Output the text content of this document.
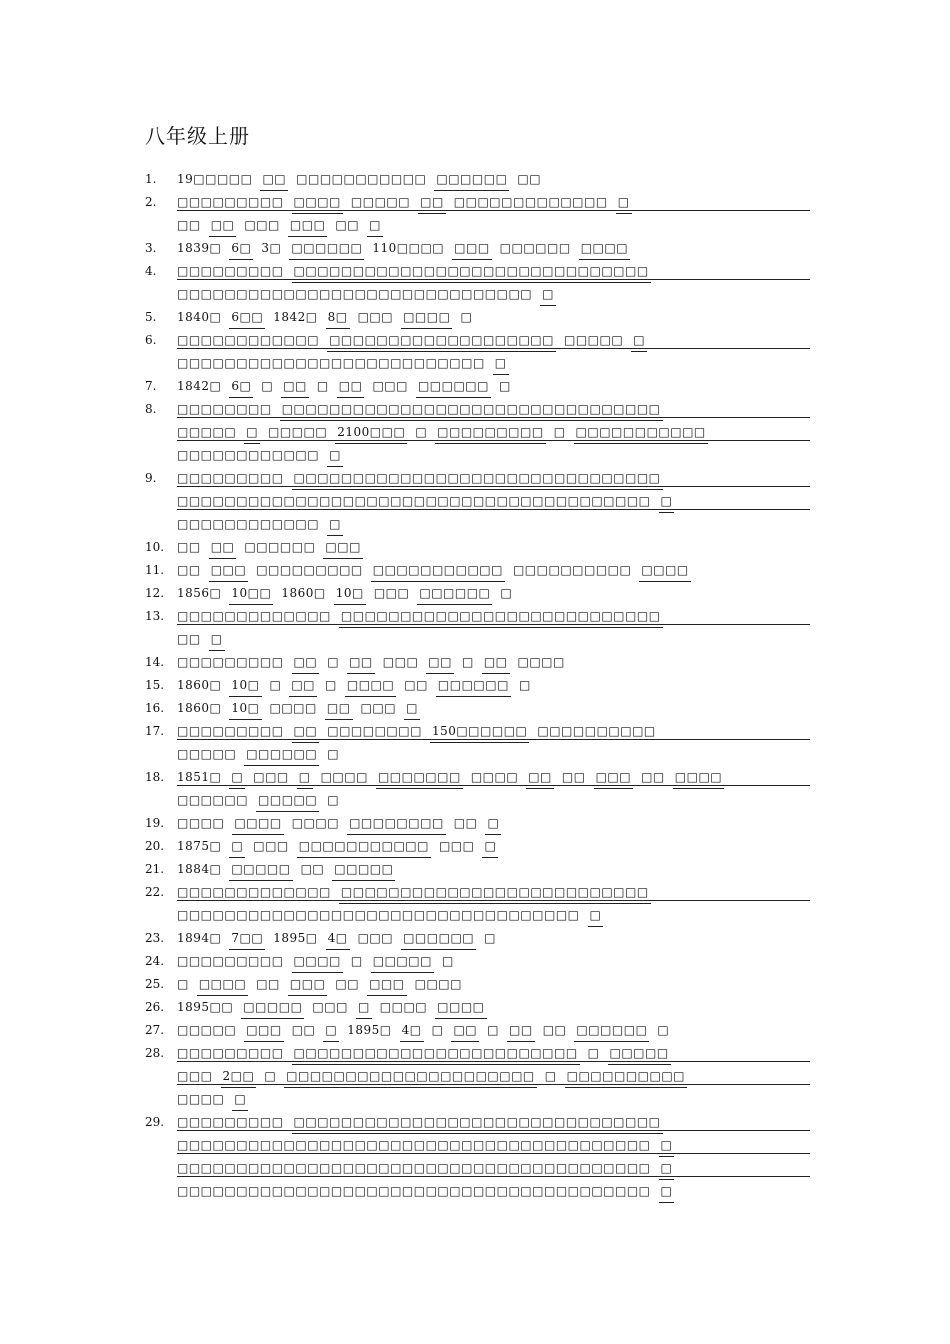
八年级上册
1.	19□□□□□ □□ □□□□□□□□□□□ □□□□□□ □□
2.	□□□□□□□□□ □□□□ □□□□□ □□ □□□□□□□□□□□□□ □
□□ □□ □□□ □□□ □□ □
3.	1839□ 6□ 3□ □□□□□□ 110□□□□ □□□ □□□□□□ □□□□
4.	□□□□□□□□□ □□□□□□□□□□□□□□□□□□□□□□□□□□□□□□
□□□□□□□□□□□□□□□□□□□□□□□□□□□□□□ □
5.	1840□ 6□□ 1842□ 8□ □□□ □□□□ □
6.	□□□□□□□□□□□□ □□□□□□□□□□□□□□□□□□□ □□□□□ □
□□□□□□□□□□□□□□□□□□□□□□□□□□ □
7.	1842□ 6□ □ □□ □ □□ □□□ □□□□□□ □
8.	□□□□□□□□ □□□□□□□□□□□□□□□□□□□□□□□□□□□□□□□□
□□□□□ □ □□□□□ 2100□□□ □ □□□□□□□□□ □ □□□□□□□□□□□
□□□□□□□□□□□□ □
9.	□□□□□□□□□ □□□□□□□□□□□□□□□□□□□□□□□□□□□□□□□
□□□□□□□□□□□□□□□□□□□□□□□□□□□□□□□□□□□□□□□□ □
□□□□□□□□□□□□ □
10.	□□ □□ □□□□□□ □□□
11.	□□ □□□ □□□□□□□□□ □□□□□□□□□□□ □□□□□□□□□□ □□□□
12.	1856□ 10□□ 1860□ 10□ □□□ □□□□□□ □
13.	□□□□□□□□□□□□□ □□□□□□□□□□□□□□□□□□□□□□□□□□□
□□ □
14.	□□□□□□□□□ □□ □ □□ □□□ □□ □ □□ □□□□
15.	1860□ 10□ □ □□ □ □□□□ □□ □□□□□□ □
16.	1860□ 10□ □□□□ □□ □□□ □
17.	□□□□□□□□□ □□ □□□□□□□□ 150□□□□□□ □□□□□□□□□□
□□□□□ □□□□□□ □
18.	1851□ □ □□□ □ □□□□ □□□□□□□ □□□□ □□ □□ □□□ □□ □□□□
□□□□□□ □□□□□ □
19.	□□□□ □□□□ □□□□ □□□□□□□□ □□ □
20.	1875□ □ □□□ □□□□□□□□□□□ □□□ □
21.	1884□ □□□□□ □□ □□□□□
22.	□□□□□□□□□□□□□ □□□□□□□□□□□□□□□□□□□□□□□□□□
□□□□□□□□□□□□□□□□□□□□□□□□□□□□□□□□□□ □
23.	1894□ 7□□ 1895□ 4□ □□□ □□□□□□ □
24.	□□□□□□□□□ □□□□ □ □□□□□ □
25.	□ □□□□ □□ □□□ □□ □□□ □□□□
26.	1895□□ □□□□□ □□□ □ □□□□ □□□□
27.	□□□□□ □□□ □□ □ 1895□ 4□ □ □□ □ □□ □□ □□□□□□ □
28.	□□□□□□□□□ □□□□□□□□□□□□□□□□□□□□□□□□ □ □□□□□
□□□ 2□□ □ □□□□□□□□□□□□□□□□□□□□□ □ □□□□□□□□□□
□□□□ □
29.	□□□□□□□□□ □□□□□□□□□□□□□□□□□□□□□□□□□□□□□□□
□□□□□□□□□□□□□□□□□□□□□□□□□□□□□□□□□□□□□□□□ □
□□□□□□□□□□□□□□□□□□□□□□□□□□□□□□□□□□□□□□□□ □
□□□□□□□□□□□□□□□□□□□□□□□□□□□□□□□□□□□□□□□□ □
